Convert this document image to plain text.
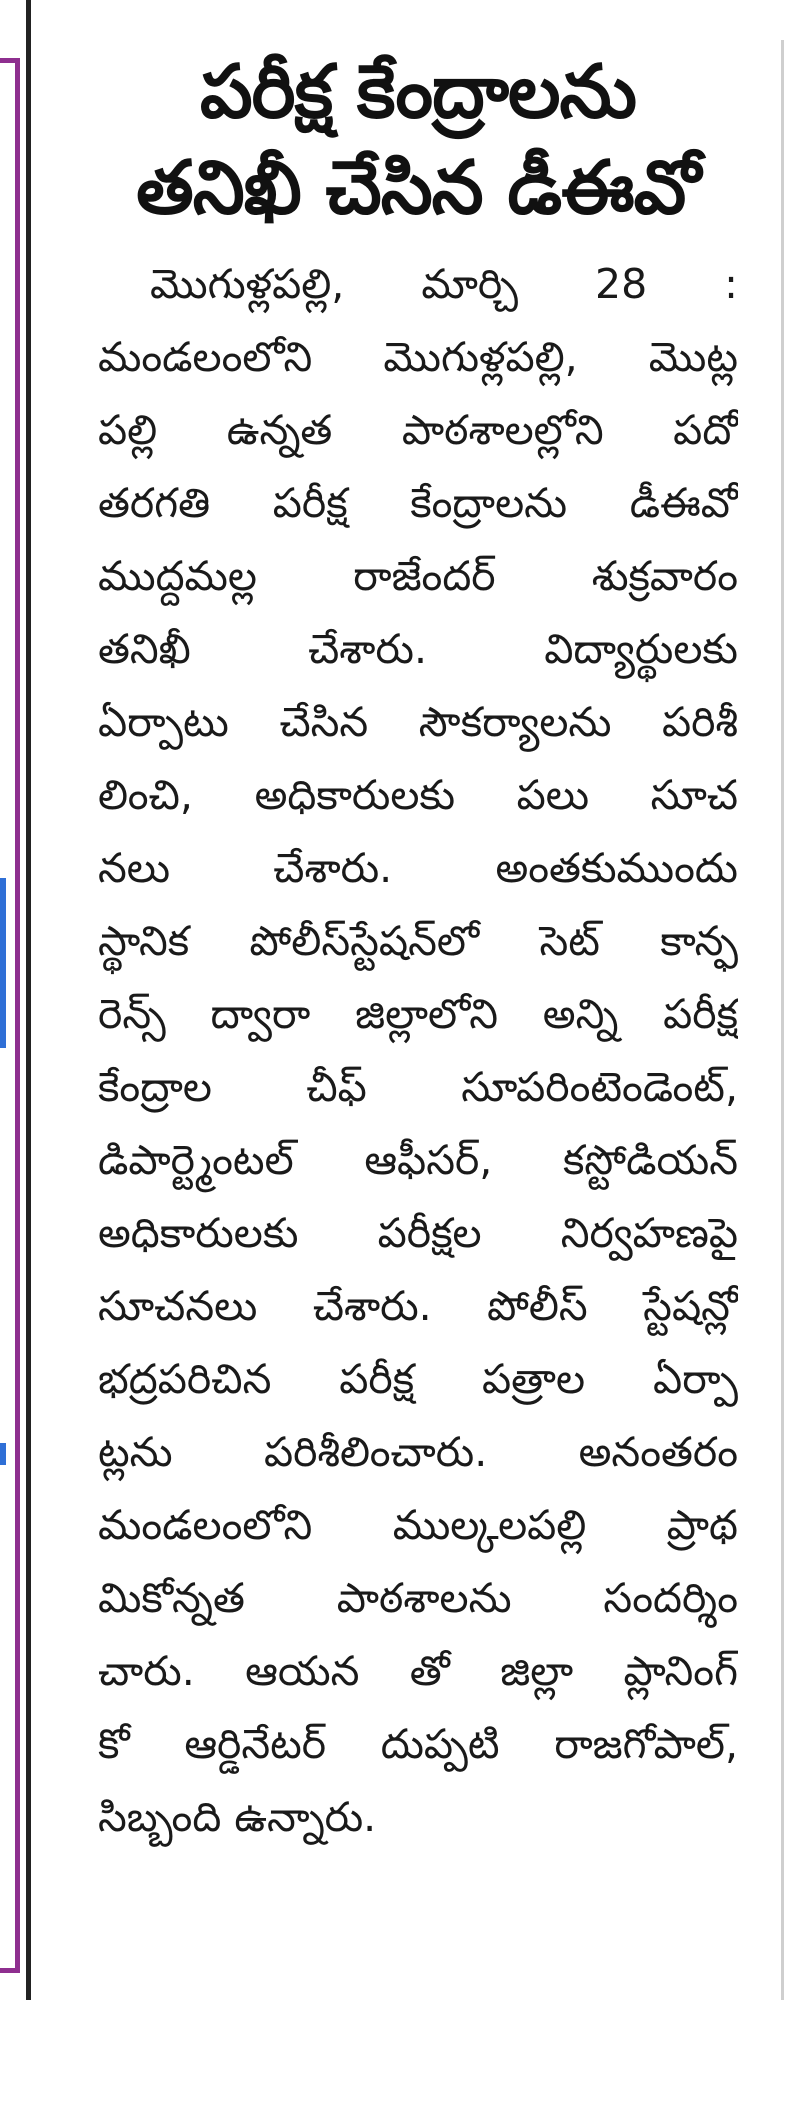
పరీక్ష కేంద్రాలను
తనిఖీ చేసిన డీఈవో
మొగుళ్లపల్లి, మార్చి 28 :
మండలంలోని మొగుళ్లపల్లి, మొట్ల
పల్లి ఉన్నత పాఠశాలల్లోని పదో
తరగతి పరీక్ష కేంద్రాలను డీఈవో
ముద్దమల్ల రాజేందర్ శుక్రవారం
తనిఖీ చేశారు. విద్యార్థులకు
ఏర్పాటు చేసిన సౌకర్యాలను పరిశీ
లించి, అధికారులకు పలు సూచ
నలు చేశారు. అంతకుముందు
స్థానిక పోలీస్‌స్టేషన్‌లో సెట్ కాన్ఫ
రెన్స్ ద్వారా జిల్లాలోని అన్ని పరీక్ష
కేంద్రాల చీఫ్ సూపరింటెండెంట్,
డిపార్ట్మెంటల్ ఆఫీసర్, కస్టోడియన్
అధికారులకు పరీక్షల నిర్వహణపై
సూచనలు చేశారు. పోలీస్ స్టేషన్లో
భద్రపరిచిన పరీక్ష పత్రాల ఏర్పా
ట్లను పరిశీలించారు. అనంతరం
మండలంలోని ముల్కలపల్లి ప్రాథ
మికోన్నత పాఠశాలను సందర్శిం
చారు. ఆయన తో జిల్లా ప్లానింగ్
కో ఆర్డినేటర్ దుప్పటి రాజగోపాల్,
సిబ్బంది ఉన్నారు.
